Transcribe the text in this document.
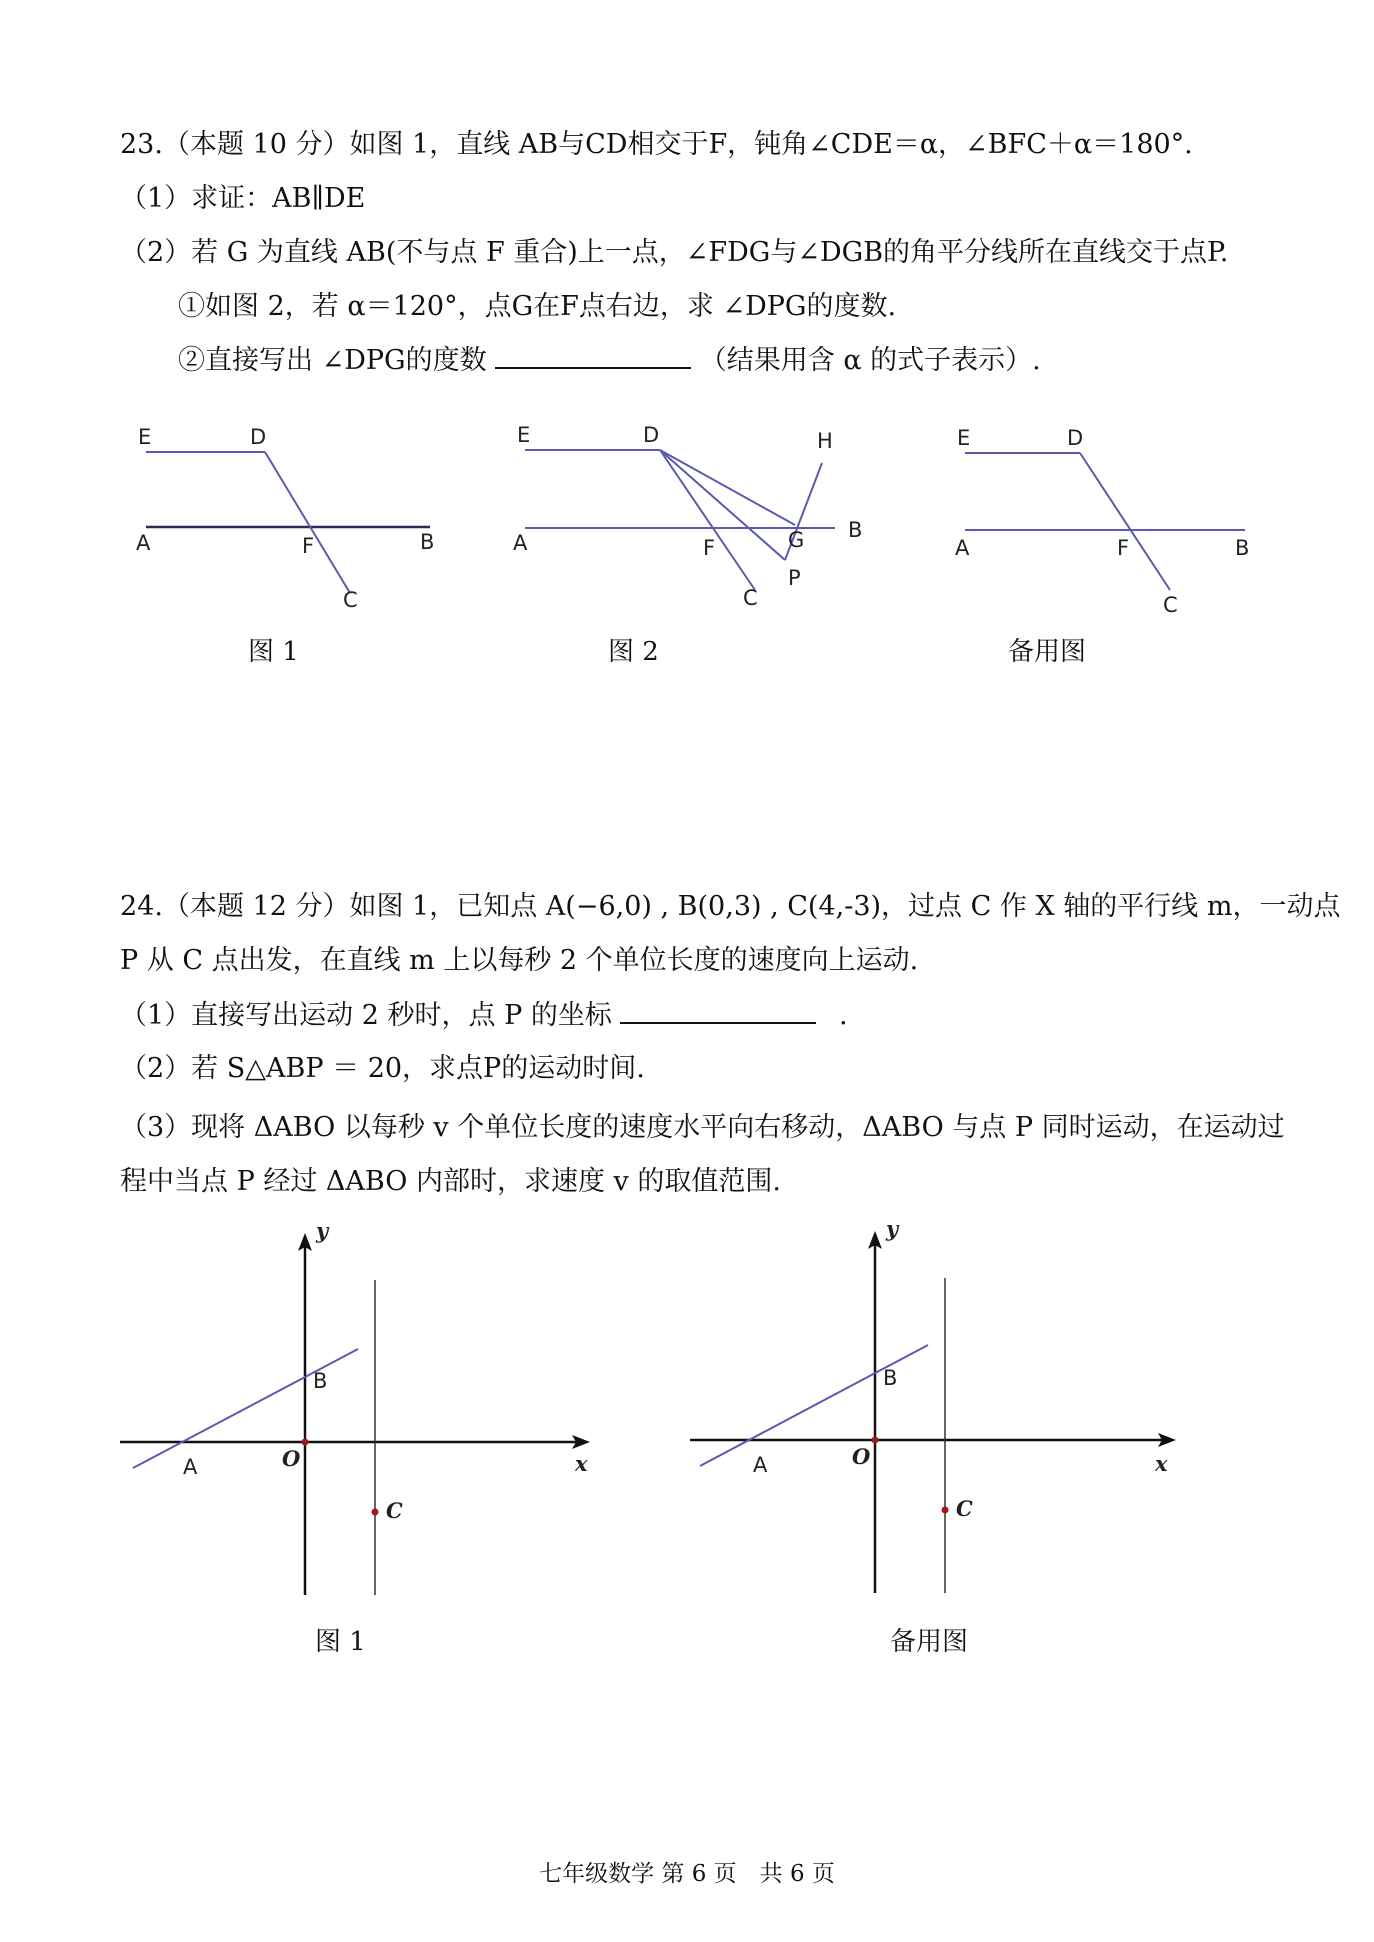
23.（本题 10 分）如图 1，直线 AB与CD相交于F，钝角∠CDE＝α，∠BFC＋α＝180°.
（1）求证：AB∥DE
（2）若 G 为直线 AB(不与点 F 重合)上一点，∠FDG与∠DGB的角平分线所在直线交于点P.
①如图 2，若 α＝120°，点G在F点右边，求 ∠DPG的度数.
②直接写出 ∠DPG的度数	（结果用含 α 的式子表示）.
E	D
A	F	B
C
图 1
E	D	H
A	F	G B
P
C
图 2
E	D
A	F	B
C
备用图
24.（本题 12 分）如图 1，已知点 A(−6,0) , B(0,3) , C(4,-3)，过点 C 作 X 轴的平行线 m，一动点
P 从 C 点出发，在直线 m 上以每秒 2 个单位长度的速度向上运动.
（1）直接写出运动 2 秒时，点 P 的坐标	.
（2）若 S△ABP ＝ 20，求点P的运动时间.
（3）现将 ΔABO 以每秒 v 个单位长度的速度水平向右移动，ΔABO 与点 P 同时运动，在运动过
程中当点 P 经过 ΔABO 内部时，求速度 v 的取值范围.
y
x
O
A
B
C
图 1
y
x
O
A
B
C
备用图
七年级数学 第 6 页　共 6 页
